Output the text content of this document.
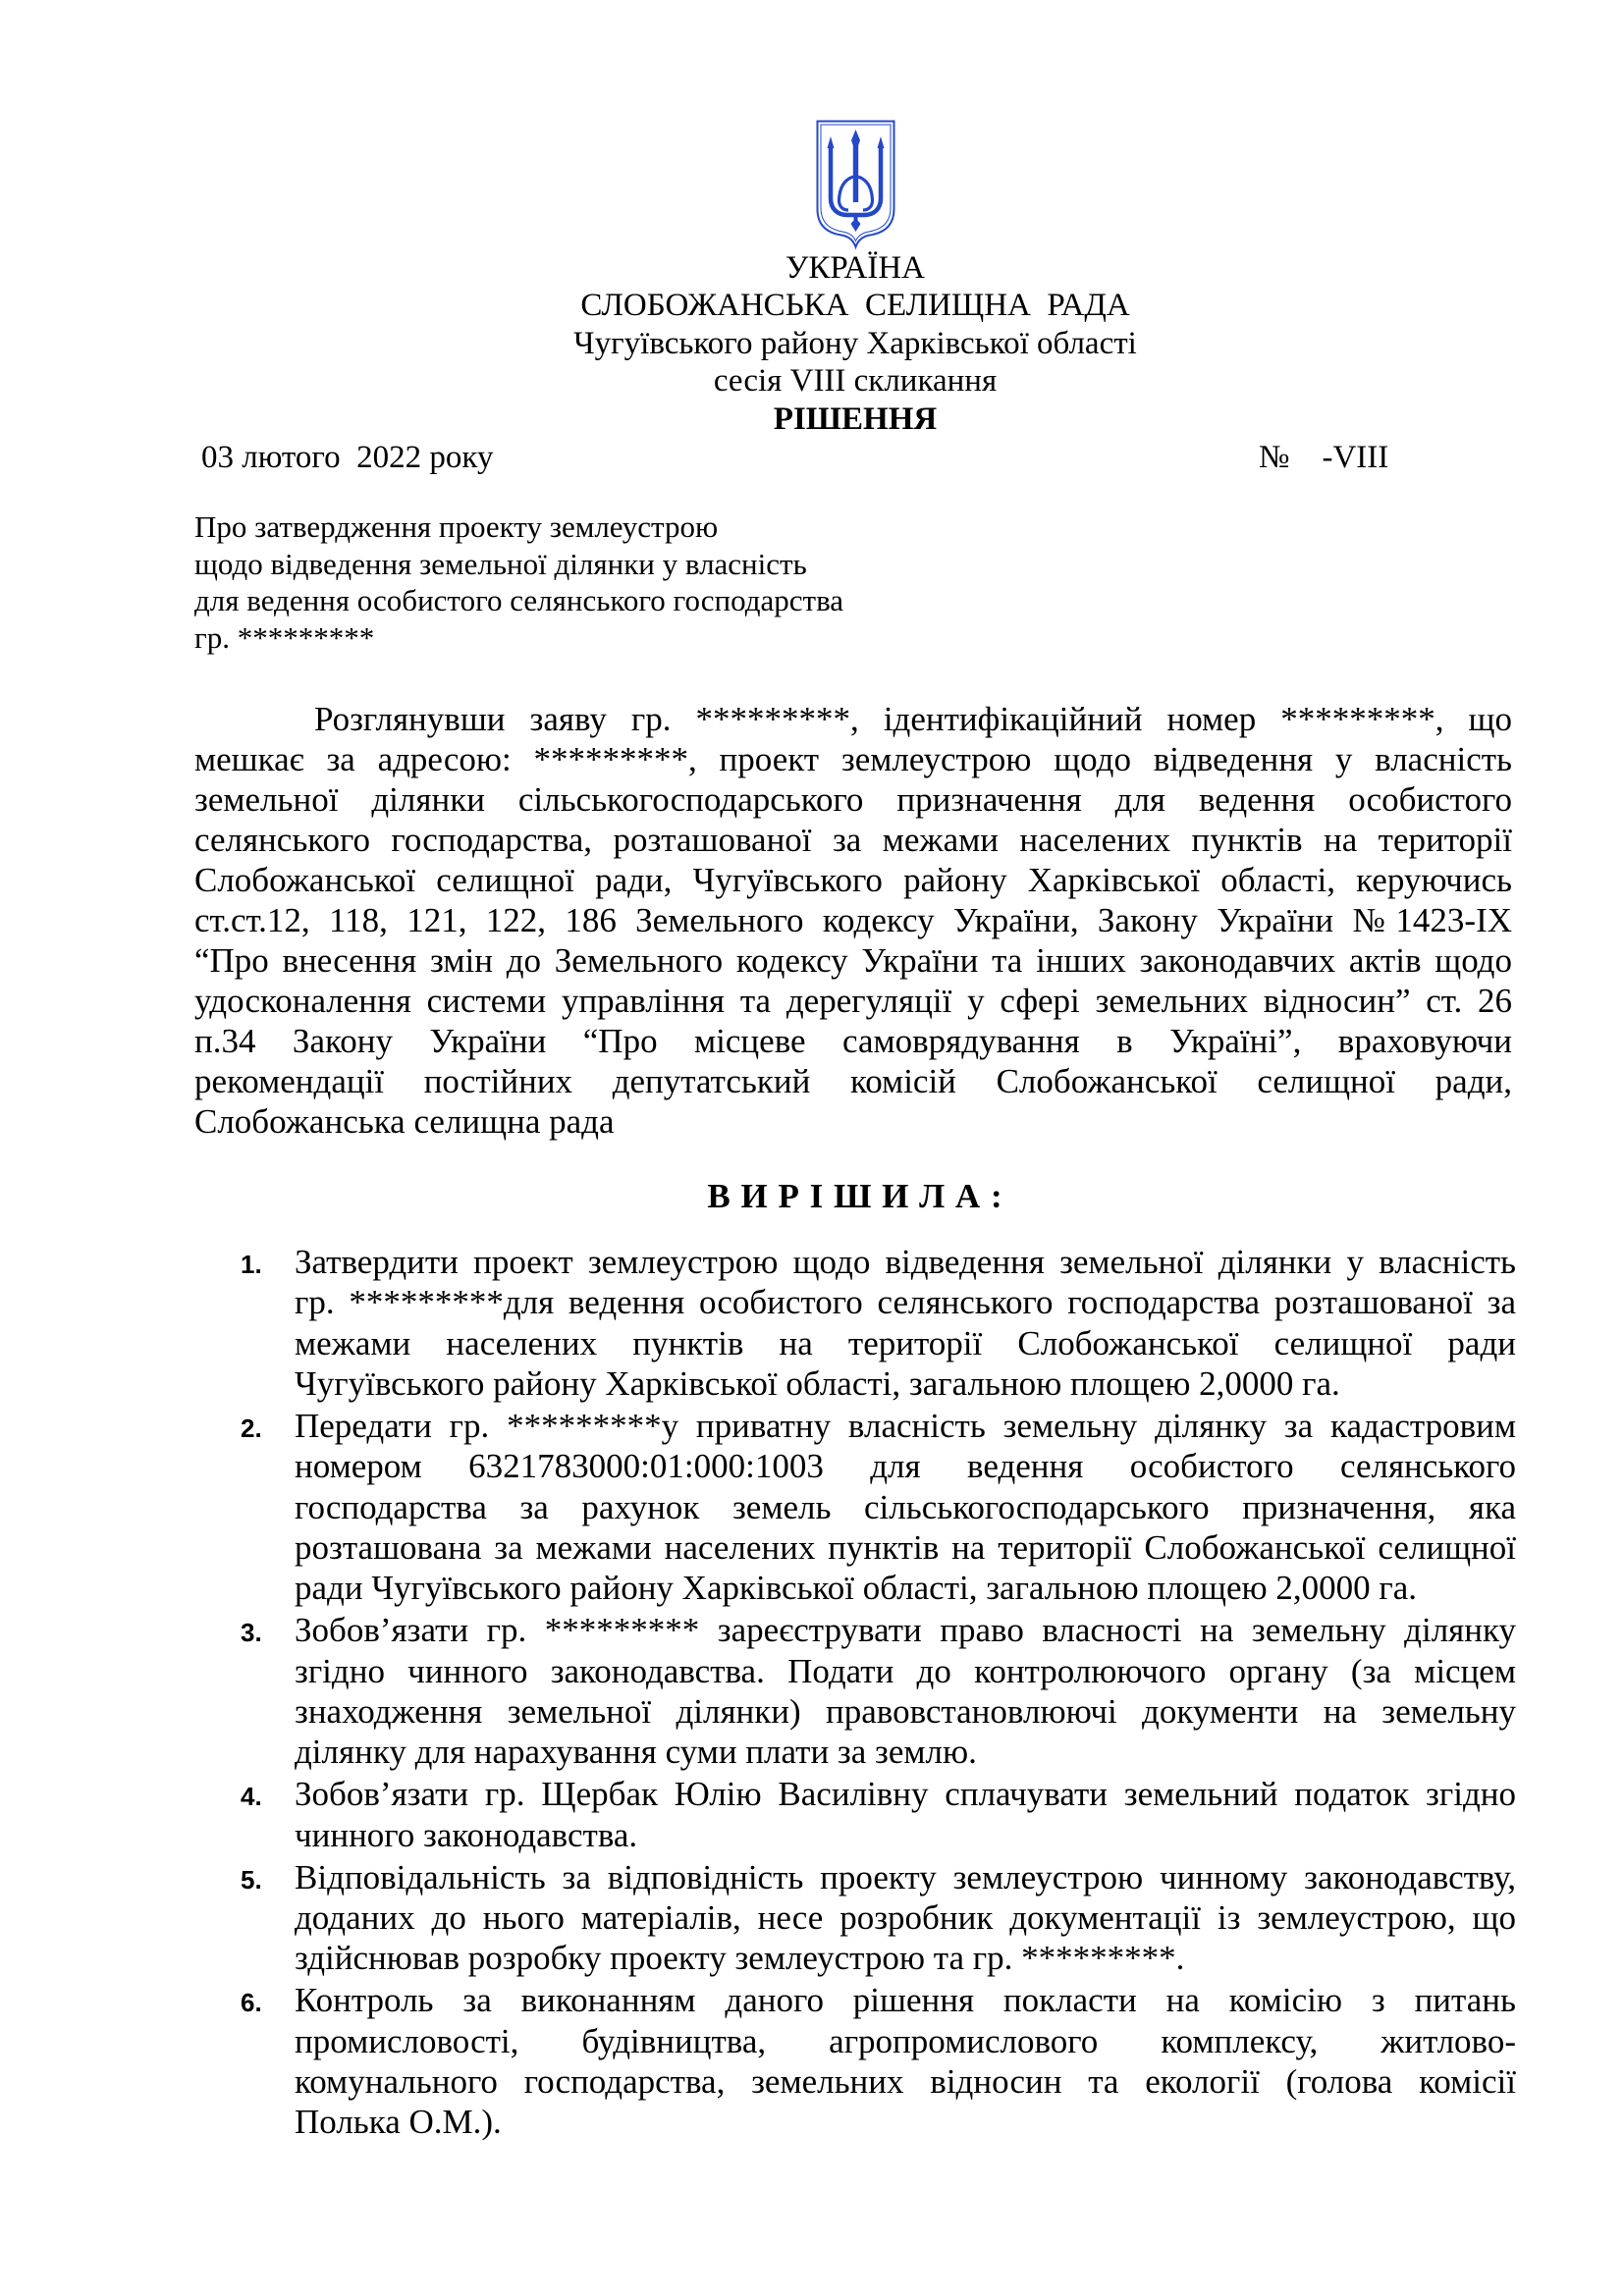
УКРАЇНА
СЛОБОЖАНСЬКА  СЕЛИЩНА  РАДА
Чугуївського району Харківської області
сесія VIII скликання
РІШЕННЯ
03 лютого  2022 року	№    -VIII
Про затвердження проекту землеустрою
щодо відведення земельної ділянки у власність
для ведення особистого селянського господарства
гр. *********
Розглянувши заяву гр. *********, ідентифікаційний номер *********, що
мешкає за адресою: *********, проект землеустрою щодо відведення у власність
земельної ділянки сільськогосподарського призначення для ведення особистого
селянського господарства, розташованої за межами населених пунктів на території
Слобожанської селищної ради, Чугуївського району Харківської області, керуючись
ст.ст.12, 118, 121, 122, 186 Земельного кодексу України, Закону України №1423-ІХ
“Про внесення змін до Земельного кодексу України та інших законодавчих актів щодо
удосконалення системи управління та дерегуляції у сфері земельних відносин” ст. 26
п.34 Закону України “Про місцеве самоврядування в Україні”, враховуючи
рекомендації постійних депутатський комісій Слобожанської селищної ради,
Слобожанська селищна рада
В И Р І Ш И Л А :
1. Затвердити проект землеустрою щодо відведення земельної ділянки у власність
гр. *********для ведення особистого селянського господарства розташованої за
межами населених пунктів на території Слобожанської селищної ради
Чугуївського району Харківської області, загальною площею 2,0000 га.
2. Передати гр. *********у приватну власність земельну ділянку за кадастровим
номером 6321783000:01:000:1003 для ведення особистого селянського
господарства за рахунок земель сільськогосподарського призначення, яка
розташована за межами населених пунктів на території Слобожанської селищної
ради Чугуївського району Харківської області, загальною площею 2,0000 га.
3. Зобов’язати гр. ********* зареєструвати право власності на земельну ділянку
згідно чинного законодавства. Подати до контролюючого органу (за місцем
знаходження земельної ділянки) правовстановлюючі документи на земельну
ділянку для нарахування суми плати за землю.
4. Зобов’язати гр. Щербак Юлію Василівну сплачувати земельний податок згідно
чинного законодавства.
5. Відповідальність за відповідність проекту землеустрою чинному законодавству,
доданих до нього матеріалів, несе розробник документації із землеустрою, що
здійснював розробку проекту землеустрою та гр. *********.
6. Контроль за виконанням даного рішення покласти на комісію з питань
промисловості, будівництва, агропромислового комплексу, житлово-
комунального господарства, земельних відносин та екології (голова комісії
Полька О.М.).
